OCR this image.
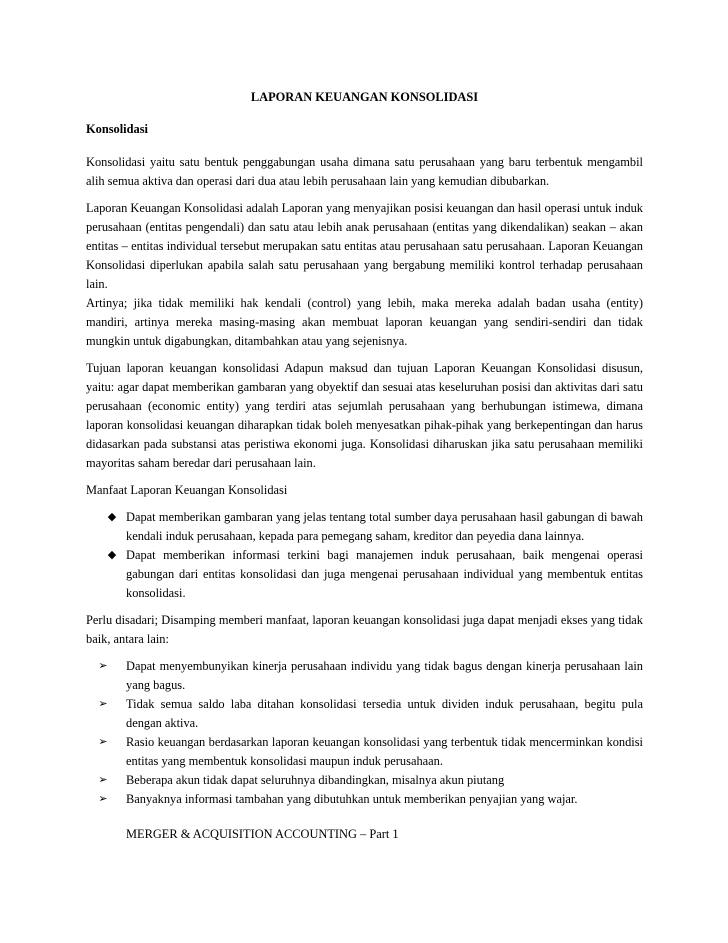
LAPORAN KEUANGAN KONSOLIDASI
Konsolidasi

Konsolidasi yaitu satu bentuk penggabungan usaha dimana satu perusahaan yang baru terbentuk mengambil alih semua aktiva dan operasi dari dua atau lebih perusahaan lain yang kemudian dibubarkan.

Laporan Keuangan Konsolidasi adalah Laporan yang menyajikan posisi keuangan dan hasil operasi untuk induk perusahaan (entitas pengendali) dan satu atau lebih anak perusahaan (entitas yang dikendalikan) seakan – akan entitas – entitas individual tersebut merupakan satu entitas atau perusahaan satu perusahaan. Laporan Keuangan Konsolidasi diperlukan apabila salah satu perusahaan yang bergabung memiliki kontrol terhadap perusahaan lain.

Artinya; jika tidak memiliki hak kendali (control) yang lebih, maka mereka adalah badan usaha (entity) mandiri, artinya mereka masing-masing akan membuat laporan keuangan yang sendiri-sendiri dan tidak mungkin untuk digabungkan, ditambahkan atau yang sejenisnya.

Tujuan laporan keuangan konsolidasi Adapun maksud dan tujuan Laporan Keuangan Konsolidasi disusun, yaitu: agar dapat memberikan gambaran yang obyektif dan sesuai atas keseluruhan posisi dan aktivitas dari satu perusahaan (economic entity) yang terdiri atas sejumlah perusahaan yang berhubungan istimewa, dimana laporan konsolidasi keuangan diharapkan tidak boleh menyesatkan pihak-pihak yang berkepentingan dan harus didasarkan pada substansi atas peristiwa ekonomi juga. Konsolidasi diharuskan jika satu perusahaan memiliki mayoritas saham beredar dari perusahaan lain.

Manfaat Laporan Keuangan Konsolidasi

◆ Dapat memberikan gambaran yang jelas tentang total sumber daya perusahaan hasil gabungan di bawah kendali induk perusahaan, kepada para pemegang saham, kreditor dan peyedia dana lainnya.
◆ Dapat memberikan informasi terkini bagi manajemen induk perusahaan, baik mengenai operasi gabungan dari entitas konsolidasi dan juga mengenai perusahaan individual yang membentuk entitas konsolidasi.

Perlu disadari; Disamping memberi manfaat, laporan keuangan konsolidasi juga dapat menjadi ekses yang tidak baik, antara lain:

➢ Dapat menyembunyikan kinerja perusahaan individu yang tidak bagus dengan kinerja perusahaan lain yang bagus.
➢ Tidak semua saldo laba ditahan konsolidasi tersedia untuk dividen induk perusahaan, begitu pula dengan aktiva.
➢ Rasio keuangan berdasarkan laporan keuangan konsolidasi yang terbentuk tidak mencerminkan kondisi entitas yang membentuk konsolidasi maupun induk perusahaan.
➢ Beberapa akun tidak dapat seluruhnya dibandingkan, misalnya akun piutang
➢ Banyaknya informasi tambahan yang dibutuhkan untuk memberikan penyajian yang wajar.
MERGER & ACQUISITION ACCOUNTING – Part 1
